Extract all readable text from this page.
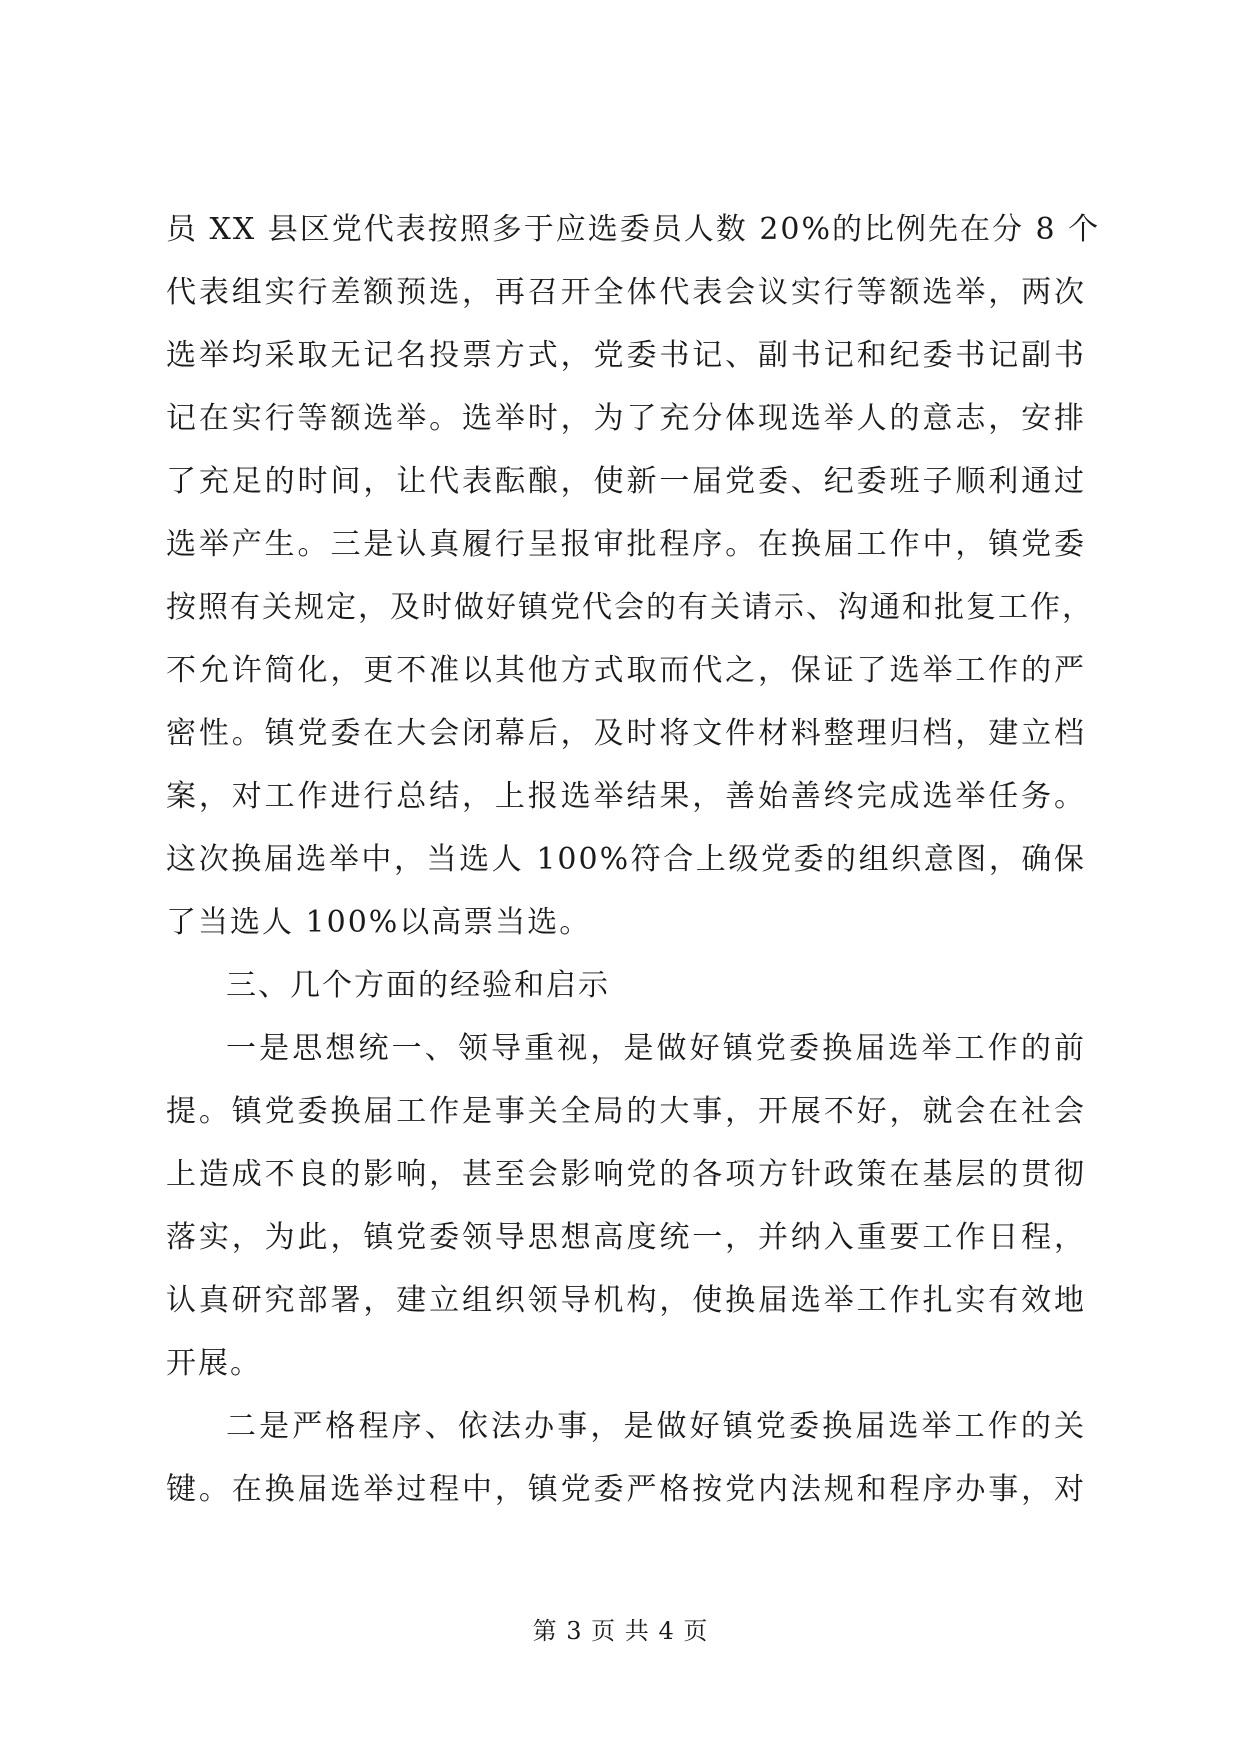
员 XX 县区党代表按照多于应选委员人数 20%的比例先在分 8 个
代表组实行差额预选，再召开全体代表会议实行等额选举，两次
选举均采取无记名投票方式，党委书记、副书记和纪委书记副书
记在实行等额选举。选举时，为了充分体现选举人的意志，安排
了充足的时间，让代表酝酿，使新一届党委、纪委班子顺利通过
选举产生。三是认真履行呈报审批程序。在换届工作中，镇党委
按照有关规定，及时做好镇党代会的有关请示、沟通和批复工作，
不允许简化，更不准以其他方式取而代之，保证了选举工作的严
密性。镇党委在大会闭幕后，及时将文件材料整理归档，建立档
案，对工作进行总结，上报选举结果，善始善终完成选举任务。
这次换届选举中，当选人 100%符合上级党委的组织意图，确保
了当选人 100%以高票当选。
三、几个方面的经验和启示
一是思想统一、领导重视，是做好镇党委换届选举工作的前
提。镇党委换届工作是事关全局的大事，开展不好，就会在社会
上造成不良的影响，甚至会影响党的各项方针政策在基层的贯彻
落实，为此，镇党委领导思想高度统一，并纳入重要工作日程，
认真研究部署，建立组织领导机构，使换届选举工作扎实有效地
开展。
二是严格程序、依法办事，是做好镇党委换届选举工作的关
键。在换届选举过程中，镇党委严格按党内法规和程序办事，对
第 3 页 共 4 页
